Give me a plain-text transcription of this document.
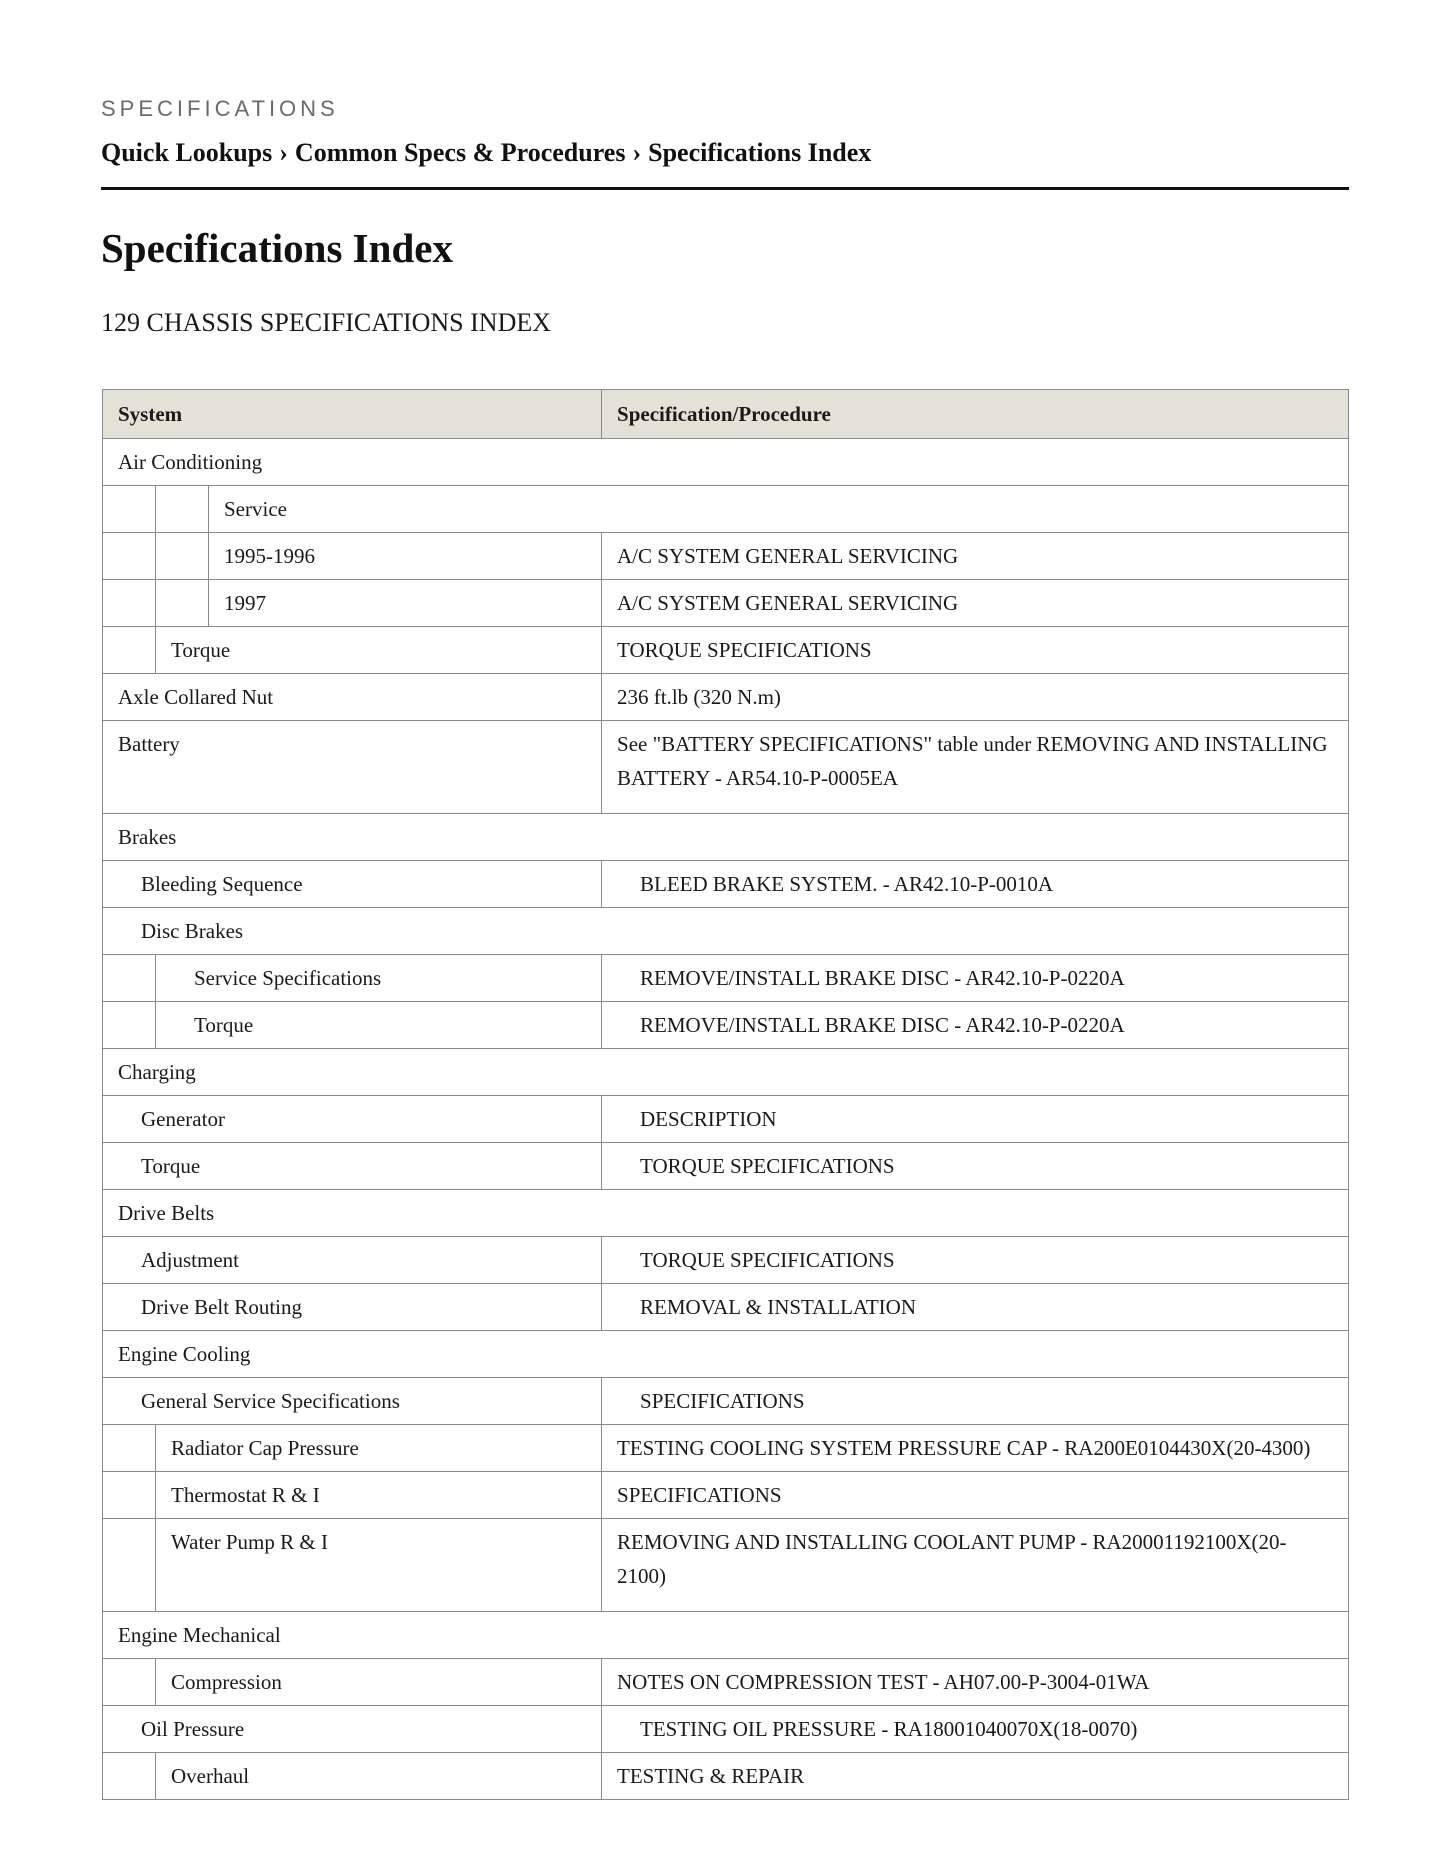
SPECIFICATIONS
Quick Lookups › Common Specs & Procedures › Specifications Index
Specifications Index
129 CHASSIS SPECIFICATIONS INDEX
System			Specification/Procedure
Air Conditioning			
		Service	
		1995-1996	A/C SYSTEM GENERAL SERVICING
		1997	A/C SYSTEM GENERAL SERVICING
	Torque		TORQUE SPECIFICATIONS
Axle Collared Nut			236 ft.lb (320 N.m)
Battery			See "BATTERY SPECIFICATIONS" table under REMOVING AND INSTALLING BATTERY - AR54.10-P-0005EA
Brakes			
Bleeding Sequence			BLEED BRAKE SYSTEM. - AR42.10-P-0010A
Disc Brakes			
	Service Specifications		REMOVE/INSTALL BRAKE DISC - AR42.10-P-0220A
	Torque		REMOVE/INSTALL BRAKE DISC - AR42.10-P-0220A
Charging			
Generator			DESCRIPTION
Torque			TORQUE SPECIFICATIONS
Drive Belts			
Adjustment			TORQUE SPECIFICATIONS
Drive Belt Routing			REMOVAL & INSTALLATION
Engine Cooling			
General Service Specifications			SPECIFICATIONS
	Radiator Cap Pressure		TESTING COOLING SYSTEM PRESSURE CAP - RA200E0104430X(20-4300)
	Thermostat R & I		SPECIFICATIONS
	Water Pump R & I		REMOVING AND INSTALLING COOLANT PUMP - RA20001192100X(20-2100)
Engine Mechanical			
	Compression		NOTES ON COMPRESSION TEST - AH07.00-P-3004-01WA
Oil Pressure			TESTING OIL PRESSURE - RA18001040070X(18-0070)
	Overhaul		TESTING & REPAIR
